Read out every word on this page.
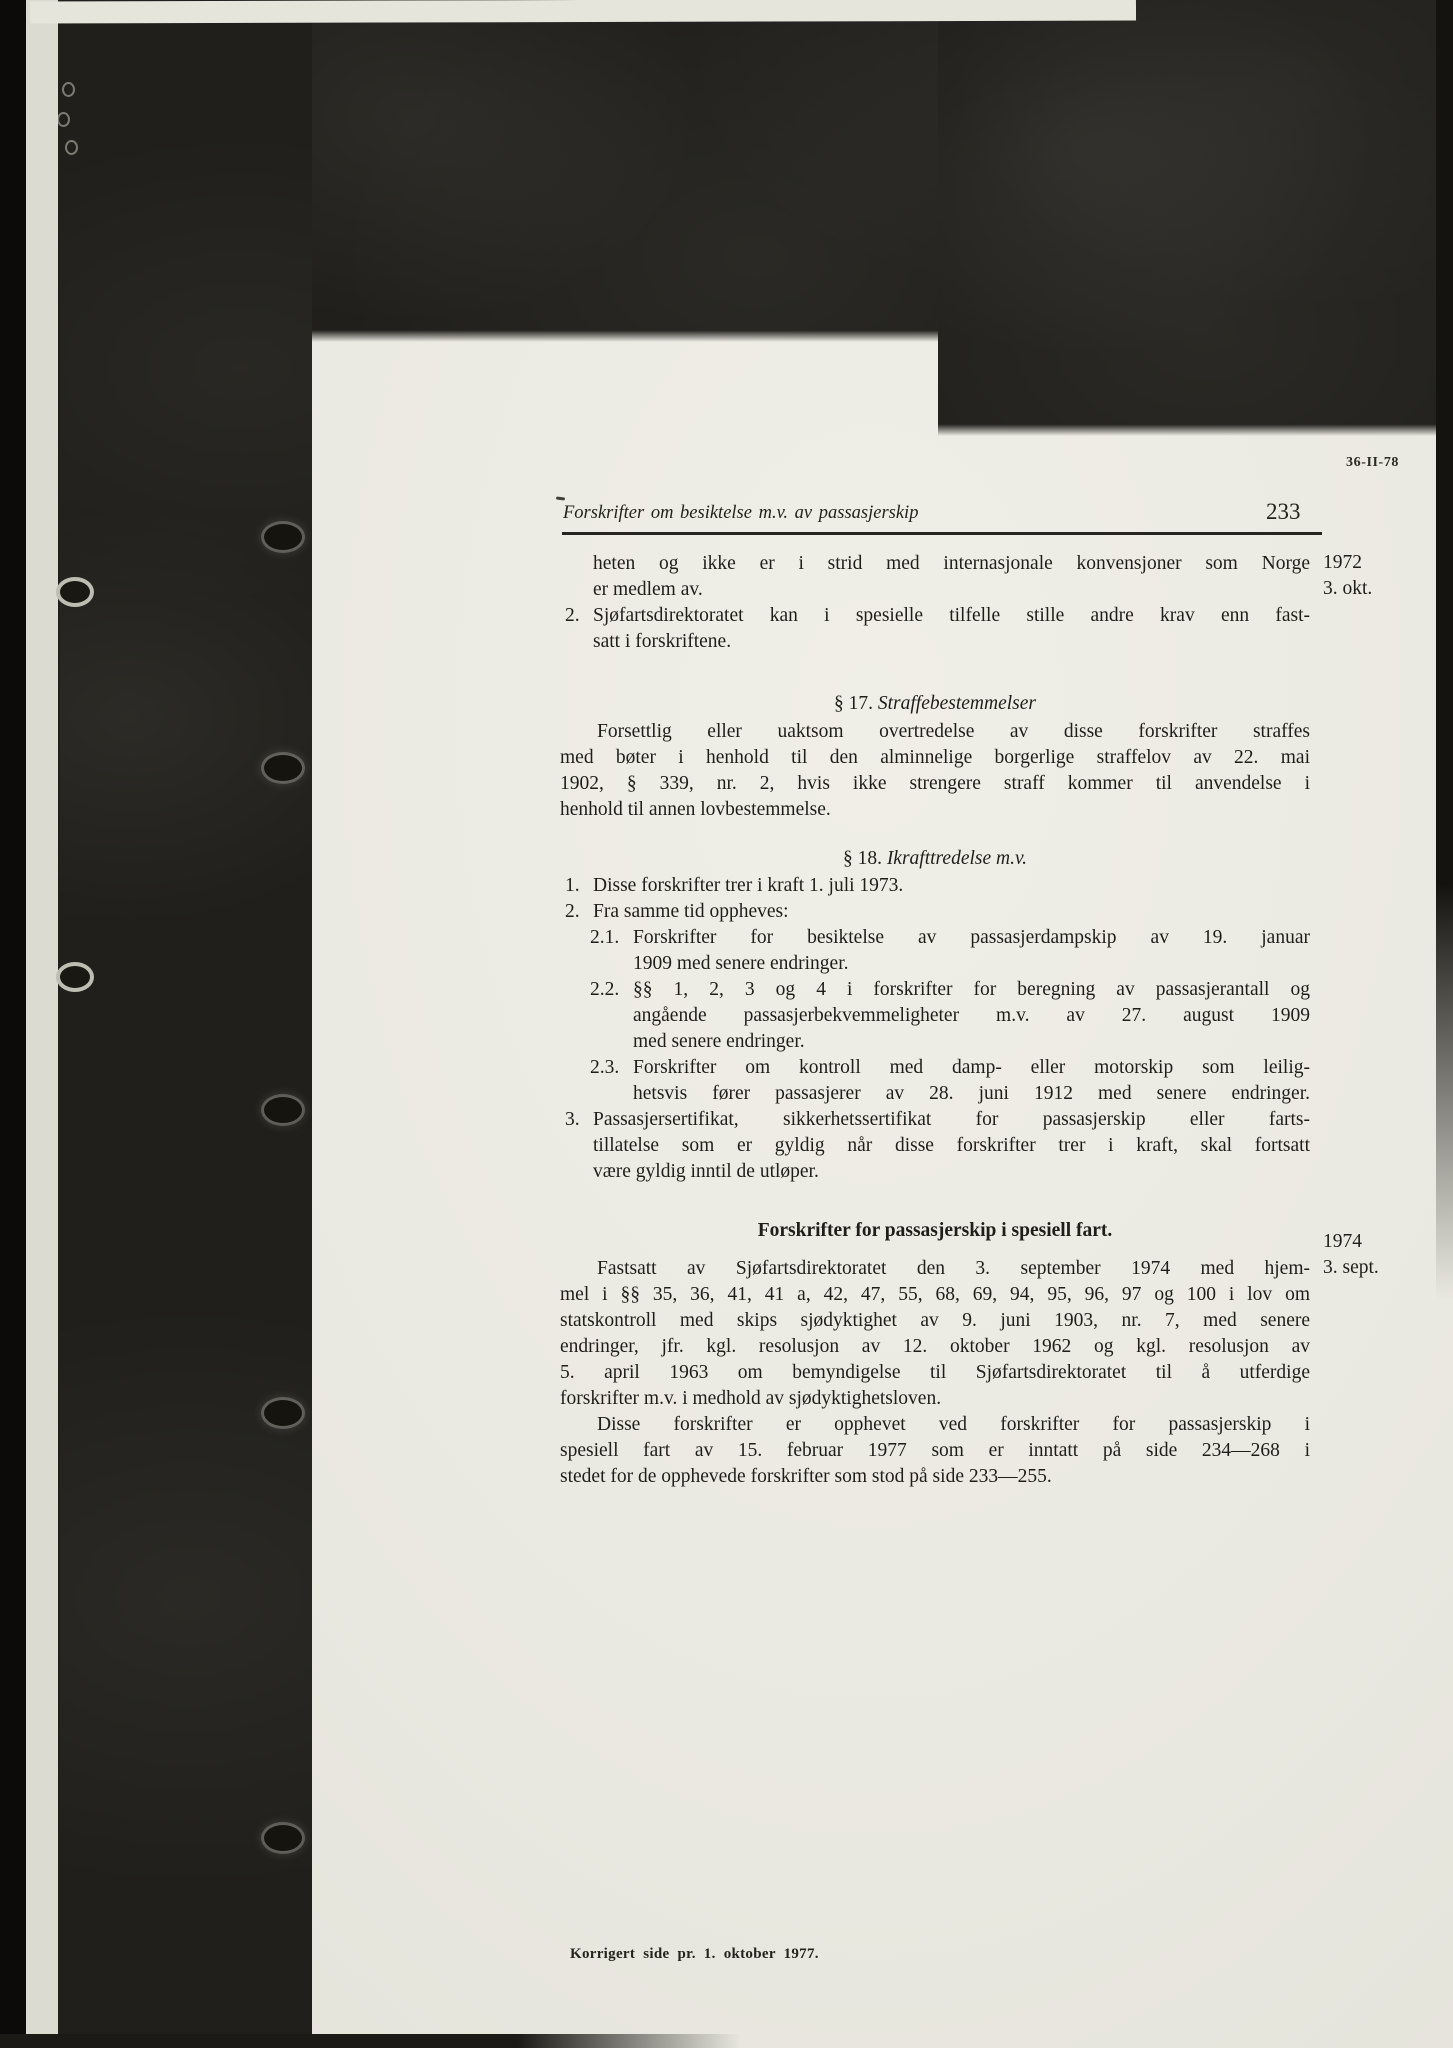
36-II-78
Forskrifter om besiktelse m.v. av passasjerskip	233
heten og ikke er i strid med internasjonale konvensjoner som Norge
er medlem av.
2. Sjøfartsdirektoratet kan i spesielle tilfelle stille andre krav enn fast-
satt i forskriftene.
§ 17. Straffebestemmelser
Forsettlig eller uaktsom overtredelse av disse forskrifter straffes
med bøter i henhold til den alminnelige borgerlige straffelov av 22. mai
1902, § 339, nr. 2, hvis ikke strengere straff kommer til anvendelse i
henhold til annen lovbestemmelse.
§ 18. Ikrafttredelse m.v.
1. Disse forskrifter trer i kraft 1. juli 1973.
2. Fra samme tid oppheves:
2.1. Forskrifter for besiktelse av passasjerdampskip av 19. januar
1909 med senere endringer.
2.2. §§ 1, 2, 3 og 4 i forskrifter for beregning av passasjerantall og
angående passasjerbekvemmeligheter m.v. av 27. august 1909
med senere endringer.
2.3. Forskrifter om kontroll med damp- eller motorskip som leilig-
hetsvis fører passasjerer av 28. juni 1912 med senere endringer.
3. Passasjersertifikat, sikkerhetssertifikat for passasjerskip eller farts-
tillatelse som er gyldig når disse forskrifter trer i kraft, skal fortsatt
være gyldig inntil de utløper.
Forskrifter for passasjerskip i spesiell fart.
Fastsatt av Sjøfartsdirektoratet den 3. september 1974 med hjem-
mel i §§ 35, 36, 41, 41 a, 42, 47, 55, 68, 69, 94, 95, 96, 97 og 100 i lov om
statskontroll med skips sjødyktighet av 9. juni 1903, nr. 7, med senere
endringer, jfr. kgl. resolusjon av 12. oktober 1962 og kgl. resolusjon av
5. april 1963 om bemyndigelse til Sjøfartsdirektoratet til å utferdige
forskrifter m.v. i medhold av sjødyktighetsloven.
Disse forskrifter er opphevet ved forskrifter for passasjerskip i
spesiell fart av 15. februar 1977 som er inntatt på side 234—268 i
stedet for de opphevede forskrifter som stod på side 233—255.
1972
3. okt.
1974
3. sept.
Korrigert side pr. 1. oktober 1977.
